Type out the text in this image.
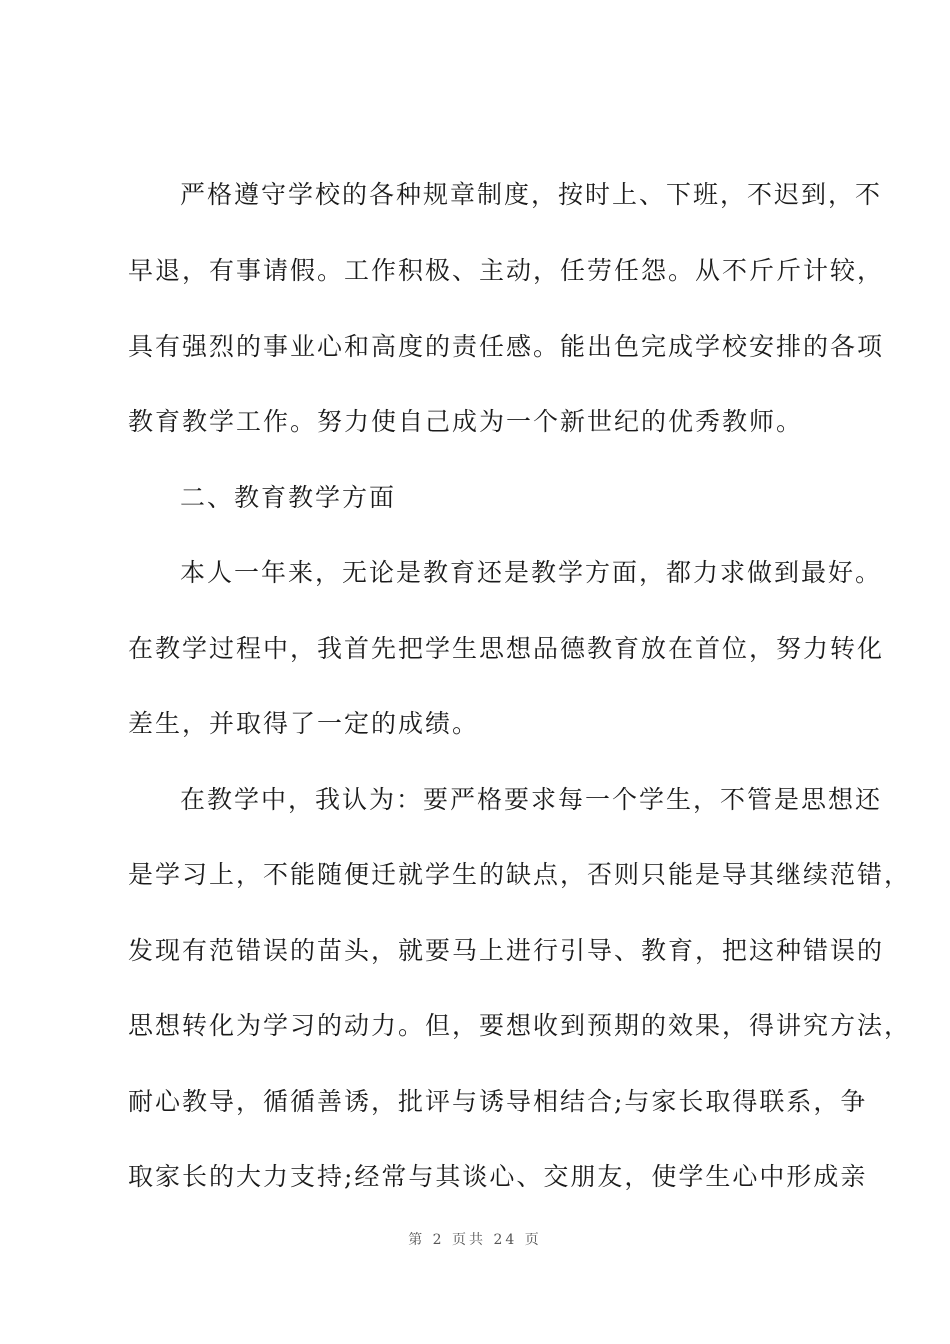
严格遵守学校的各种规章制度，按时上、下班，不迟到，不
早退，有事请假。工作积极、主动，任劳任怨。从不斤斤计较，
具有强烈的事业心和高度的责任感。能出色完成学校安排的各项
教育教学工作。努力使自己成为一个新世纪的优秀教师。
二、教育教学方面
本人一年来，无论是教育还是教学方面，都力求做到最好。
在教学过程中，我首先把学生思想品德教育放在首位，努力转化
差生，并取得了一定的成绩。
在教学中，我认为：要严格要求每一个学生，不管是思想还
是学习上，不能随便迁就学生的缺点，否则只能是导其继续范错，
发现有范错误的苗头，就要马上进行引导、教育，把这种错误的
思想转化为学习的动力。但，要想收到预期的效果，得讲究方法，
耐心教导，循循善诱，批评与诱导相结合;与家长取得联系，争
取家长的大力支持;经常与其谈心、交朋友，使学生心中形成亲
第 2 页共 24 页
